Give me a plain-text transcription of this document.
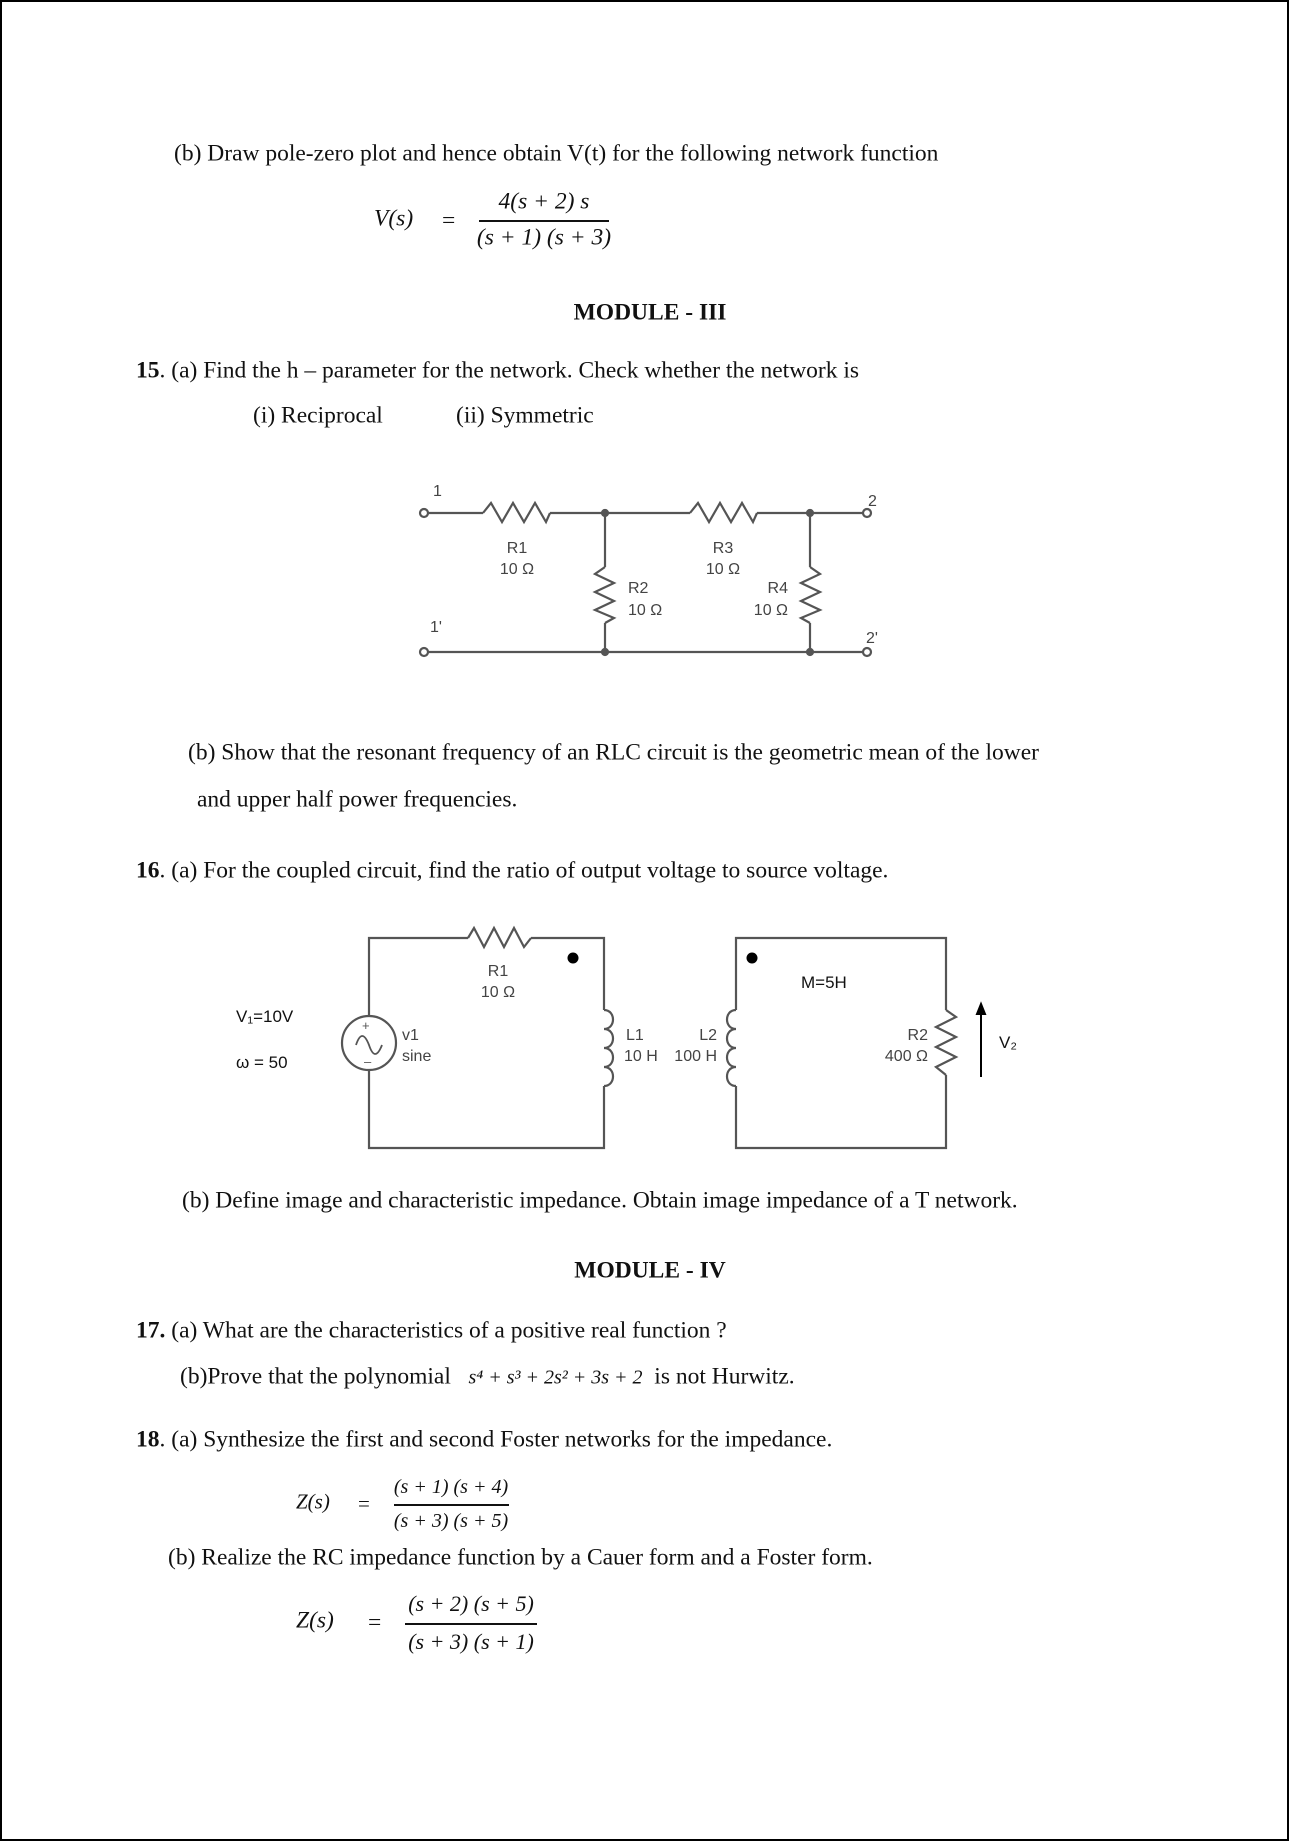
(b) Draw pole-zero plot and hence obtain V(t) for the following network function
V(s) =
4(s + 2) s
(s + 1) (s + 3)
MODULE - III
15. (a) Find the h – parameter for the network. Check whether the network is
(i) Reciprocal	(ii) Symmetric
1
1'
2
2'
R1
10 Ω
R3
10 Ω
R2
10 Ω
R4
10 Ω
+
–
R1
10 Ω
v1
sine
L1
10 H
L2
100 H
M=5H
R2
400 Ω
V₂
V₁=10V
ω = 50
(b) Show that the resonant frequency of an RLC circuit is the geometric mean of the lower
and upper half power frequencies.
16. (a) For the coupled circuit, find the ratio of output voltage to source voltage.
(b) Define image and characteristic impedance. Obtain image impedance of a T network.
MODULE - IV
17. (a) What are the characteristics of a positive real function ?
(b)Prove that the polynomial s⁴ + s³ + 2s² + 3s + 2 is not Hurwitz.
18. (a) Synthesize the first and second Foster networks for the impedance.
Z(s) =
(s + 1) (s + 4)
(s + 3) (s + 5)
(b) Realize the RC impedance function by a Cauer form and a Foster form.
Z(s) =
(s + 2) (s + 5)
(s + 3) (s + 1)
